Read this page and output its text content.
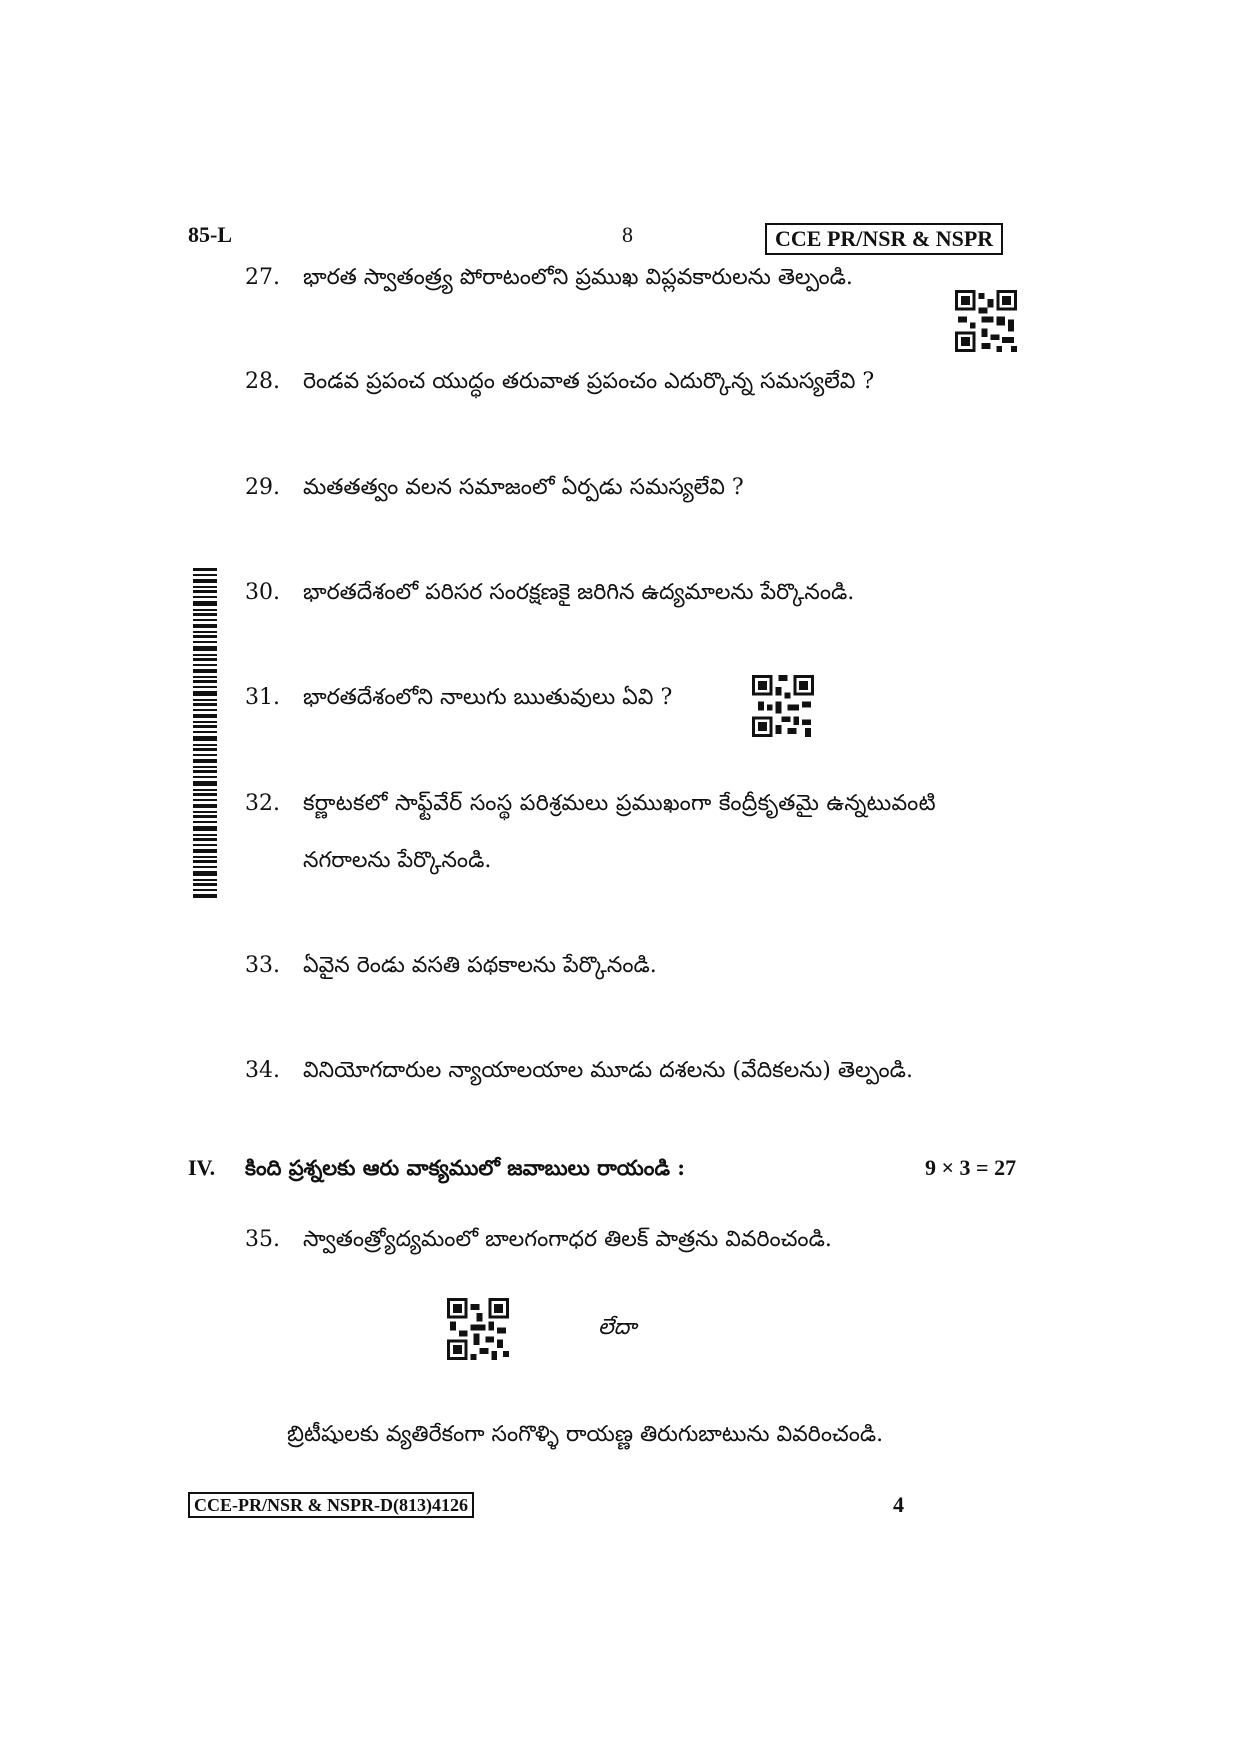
85-L	8	CCE PR/NSR & NSPR
27. భారత స్వాతంత్ర్య పోరాటంలోని ప్రముఖ విప్లవకారులను తెల్పండి.
28. రెండవ ప్రపంచ యుద్ధం తరువాత ప్రపంచం ఎదుర్కొన్న సమస్యలేవి ?
29. మతతత్వం వలన సమాజంలో ఏర్పడు సమస్యలేవి ?
30. భారతదేశంలో పరిసర సంరక్షణకై జరిగిన ఉద్యమాలను పేర్కొనండి.
31. భారతదేశంలోని నాలుగు ఋతువులు ఏవి ?
32. కర్ణాటకలో సాఫ్ట్‌వేర్ సంస్థ పరిశ్రమలు ప్రముఖంగా కేంద్రీకృతమై ఉన్నటువంటి
నగరాలను పేర్కొనండి.
33. ఏవైన రెండు వసతి పథకాలను పేర్కొనండి.
34. వినియోగదారుల న్యాయాలయాల మూడు దశలను (వేదికలను) తెల్పండి.
IV. కింది ప్రశ్నలకు ఆరు వాక్యములో జవాబులు రాయండి :	9 × 3 = 27
35. స్వాతంత్ర్యోద్యమంలో బాలగంగాధర తిలక్ పాత్రను వివరించండి.
లేదా
బ్రిటీషులకు వ్యతిరేకంగా సంగొళ్ళి రాయణ్ణ తిరుగుబాటును వివరించండి.
CCE-PR/NSR & NSPR-D(813)4126	4
